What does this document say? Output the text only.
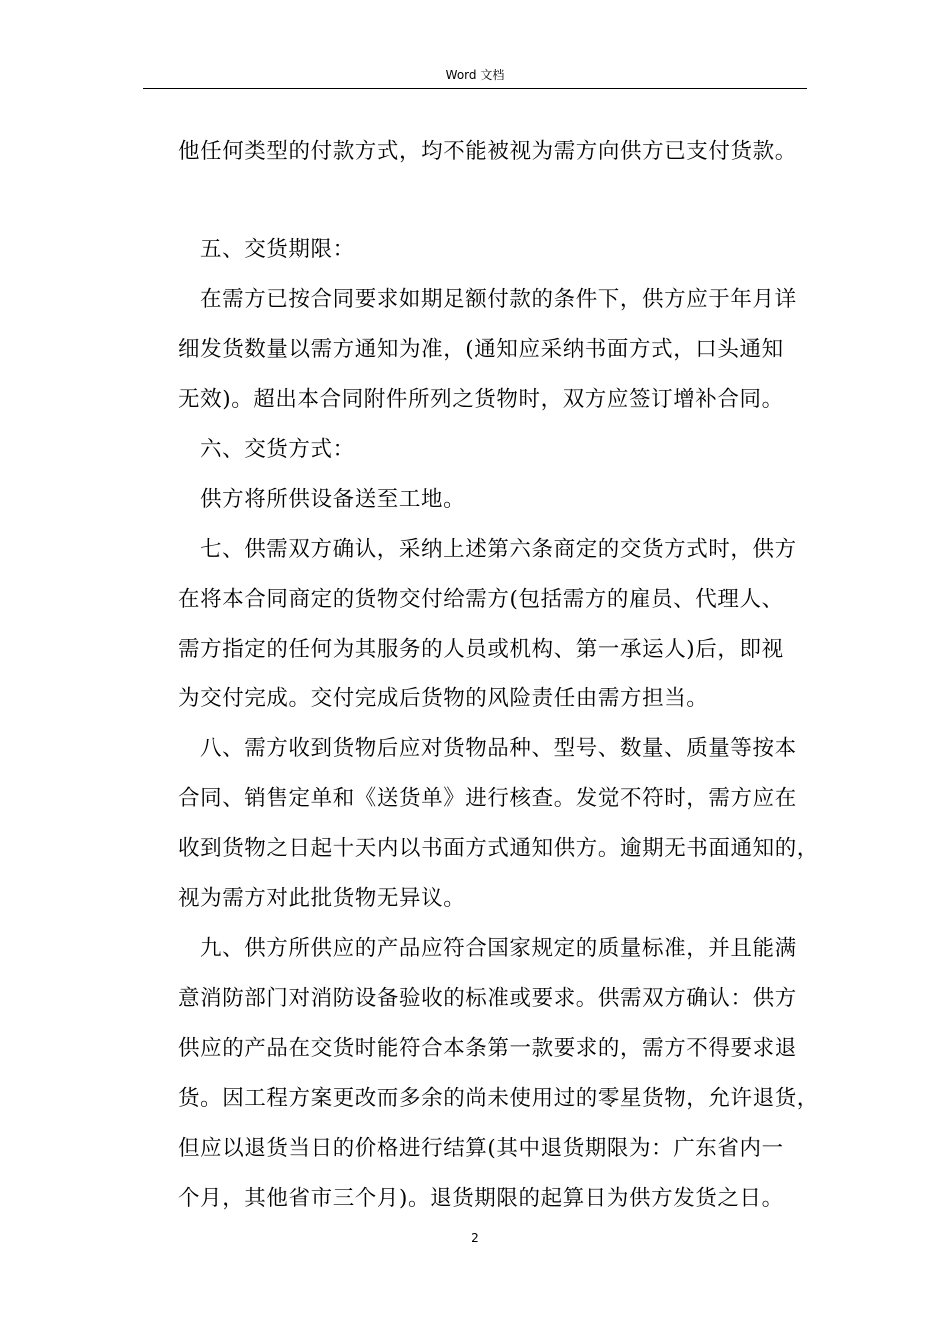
Word 文档
他任何类型的付款方式，均不能被视为需方向供方已支付货款。
五、交货期限：
在需方已按合同要求如期足额付款的条件下，供方应于年月详
细发货数量以需方通知为准，(通知应采纳书面方式，口头通知
无效)。超出本合同附件所列之货物时，双方应签订增补合同。
六、交货方式：
供方将所供设备送至工地。
七、供需双方确认，采纳上述第六条商定的交货方式时，供方
在将本合同商定的货物交付给需方(包括需方的雇员、代理人、
需方指定的任何为其服务的人员或机构、第一承运人)后，即视
为交付完成。交付完成后货物的风险责任由需方担当。
八、需方收到货物后应对货物品种、型号、数量、质量等按本
合同、销售定单和《送货单》进行核查。发觉不符时，需方应在
收到货物之日起十天内以书面方式通知供方。逾期无书面通知的，
视为需方对此批货物无异议。
九、供方所供应的产品应符合国家规定的质量标准，并且能满
意消防部门对消防设备验收的标准或要求。供需双方确认：供方
供应的产品在交货时能符合本条第一款要求的，需方不得要求退
货。因工程方案更改而多余的尚未使用过的零星货物，允许退货，
但应以退货当日的价格进行结算(其中退货期限为：广东省内一
个月，其他省市三个月)。退货期限的起算日为供方发货之日。
2
